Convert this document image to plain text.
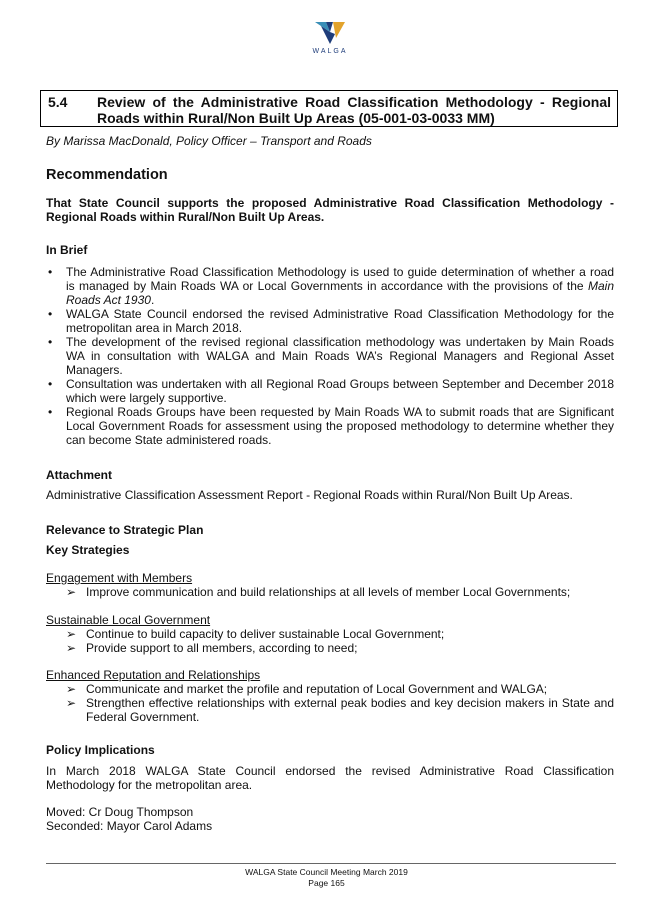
WALGA
5.4 Review of the Administrative Road Classification Methodology - Regional Roads within Rural/Non Built Up Areas (05-001-03-0033 MM)
By Marissa MacDonald, Policy Officer – Transport and Roads
Recommendation
That State Council supports the proposed Administrative Road Classification Methodology - Regional Roads within Rural/Non Built Up Areas.
In Brief
• The Administrative Road Classification Methodology is used to guide determination of whether a road is managed by Main Roads WA or Local Governments in accordance with the provisions of the Main Roads Act 1930.
• WALGA State Council endorsed the revised Administrative Road Classification Methodology for the metropolitan area in March 2018.
• The development of the revised regional classification methodology was undertaken by Main Roads WA in consultation with WALGA and Main Roads WA’s Regional Managers and Regional Asset Managers.
• Consultation was undertaken with all Regional Road Groups between September and December 2018 which were largely supportive.
• Regional Roads Groups have been requested by Main Roads WA to submit roads that are Significant Local Government Roads for assessment using the proposed methodology to determine whether they can become State administered roads.
Attachment
Administrative Classification Assessment Report - Regional Roads within Rural/Non Built Up Areas.
Relevance to Strategic Plan
Key Strategies
Engagement with Members
➢ Improve communication and build relationships at all levels of member Local Governments;
Sustainable Local Government
➢ Continue to build capacity to deliver sustainable Local Government;
➢ Provide support to all members, according to need;
Enhanced Reputation and Relationships
➢ Communicate and market the profile and reputation of Local Government and WALGA;
➢ Strengthen effective relationships with external peak bodies and key decision makers in State and Federal Government.
Policy Implications
In March 2018 WALGA State Council endorsed the revised Administrative Road Classification Methodology for the metropolitan area.
Moved: Cr Doug Thompson
Seconded: Mayor Carol Adams
WALGA State Council Meeting March 2019
Page 165
